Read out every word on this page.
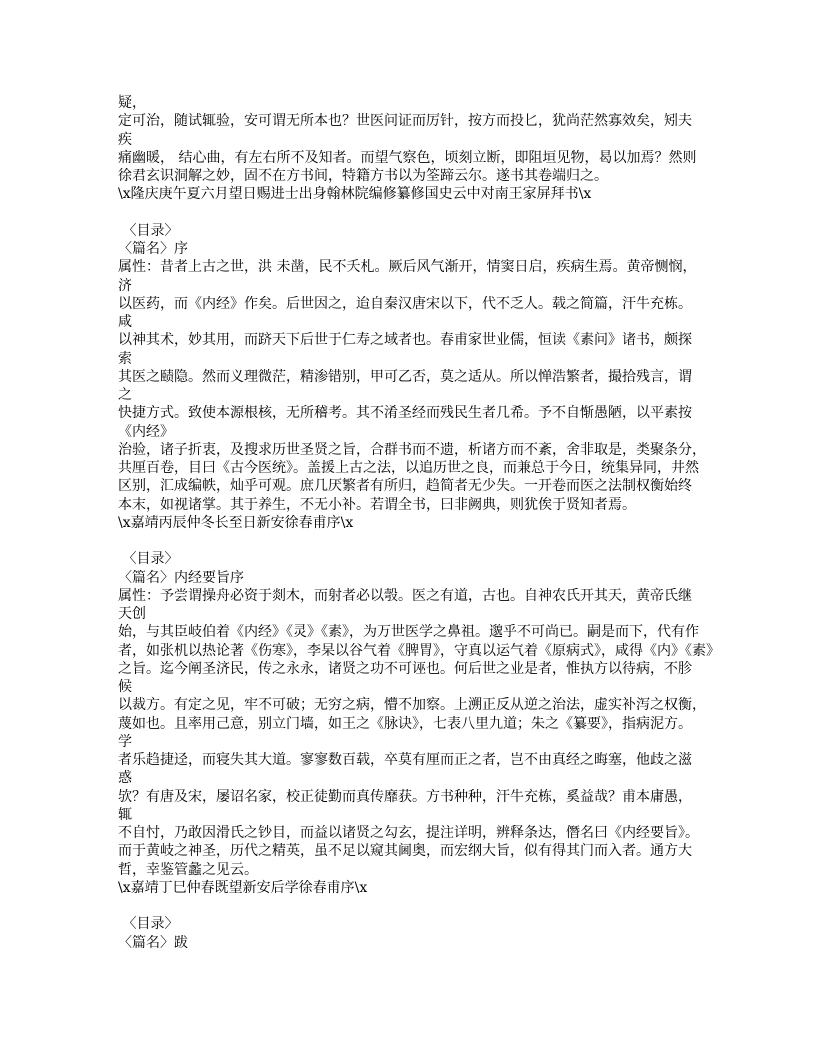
疑，
定可治，随试辄验，安可谓无所本也？世医问证而厉针，按方而投匕，犹尚茫然寡效矣，矧夫
疾
痛幽暖， 结心曲，有左右所不及知者。而望气察色，顷刻立断，即阻垣见物，曷以加焉？然则
徐君玄识洞解之妙，固不在方书间，特籍方书以为筌蹄云尔。遂书其卷端归之。
\x隆庆庚午夏六月望日赐进士出身翰林院编修纂修国史云中对南王家屏拜书\x
〈目录〉
〈篇名〉序
属性：昔者上古之世，洪 未凿，民不夭札。厥后风气渐开，情窦日启，疾病生焉。黄帝恻悯，
济
以医药，而《内经》作矣。后世因之，迨自秦汉唐宋以下，代不乏人。载之简篇，汗牛充栋。
咸
以神其术，妙其用，而跻天下后世于仁寿之域者也。春甫家世业儒，恒读《素问》诸书，颇探
索
其医之赜隐。然而义理微茫，精渗错别，甲可乙否，莫之适从。所以惮浩繁者，撮拾残言，谓
之
快捷方式。致使本源根核，无所稽考。其不淆圣经而残民生者几希。予不自惭愚陋，以平素按
《内经》
治验，诸子折衷，及搜求历世圣贤之旨，合群书而不遗，析诸方而不紊，舍非取是，类聚条分，
共厘百卷，目曰《古今医统》。盖援上古之法，以追历世之良，而兼总于今日，统集异同，井然
区别，汇成编帙，灿乎可观。庶几厌繁者有所归，趋简者无少失。一开卷而医之法制权衡始终
本末，如视诸掌。其于养生，不无小补。若谓全书，曰非阙典，则犹俟于贤知者焉。
\x嘉靖丙辰仲冬长至日新安徐春甫序\x
〈目录〉
〈篇名〉内经要旨序
属性：予尝谓操舟必资于剡木，而射者必以彀。医之有道，古也。自神农氏开其天，黄帝氏继
天创
始，与其臣岐伯着《内经》《灵》《素》，为万世医学之鼻祖。邈乎不可尚已。嗣是而下，代有作
者，如张机以热论著《伤寒》，李杲以谷气着《脾胃》，守真以运气着《原病式》，咸得《内》《素》
之旨。迄今阐圣济民，传之永永，诸贤之功不可诬也。何后世之业是者，惟执方以待病，不胗
候
以裁方。有定之见，牢不可破；无穷之病，懵不加察。上溯正反从逆之治法，虚实补泻之权衡，
蔑如也。且率用己意，别立门墙，如王之《脉诀》，七表八里九道；朱之《纂要》，指病泥方。
学
者乐趋捷迳，而寝失其大道。寥寥数百载，卒莫有厘而正之者，岂不由真经之晦塞，他歧之滋
惑
欤？有唐及宋，屡诏名家，校正徒勤而真传靡获。方书种种，汗牛充栋，奚益哉？甫本庸愚，
辄
不自忖，乃敢因滑氏之钞目，而益以诸贤之勾玄，提注详明，辨释条达，僭名曰《内经要旨》。
而于黄岐之神圣，历代之精英，虽不足以窥其阃奥，而宏纲大旨，似有得其门而入者。通方大
哲，幸鉴管蠡之见云。
\x嘉靖丁巳仲春既望新安后学徐春甫序\x
〈目录〉
〈篇名〉跋
